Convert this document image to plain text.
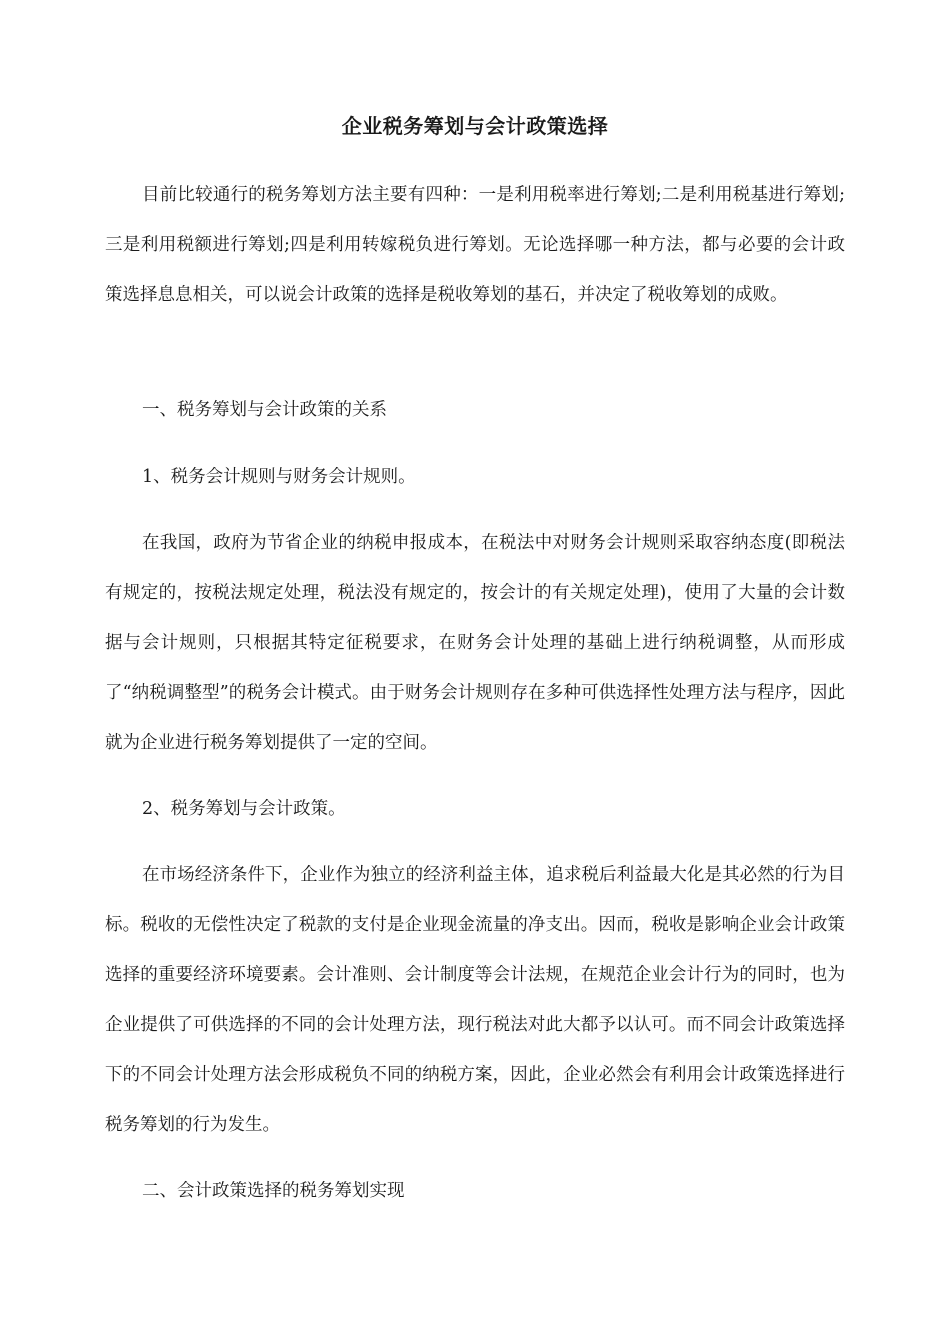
企业税务筹划与会计政策选择

目前比较通行的税务筹划方法主要有四种：一是利用税率进行筹划;二是利用税基进行筹划;三是利用税额进行筹划;四是利用转嫁税负进行筹划。无论选择哪一种方法，都与必要的会计政策选择息息相关，可以说会计政策的选择是税收筹划的基石，并决定了税收筹划的成败。

一、税务筹划与会计政策的关系

1、税务会计规则与财务会计规则。

在我国，政府为节省企业的纳税申报成本，在税法中对财务会计规则采取容纳态度(即税法有规定的，按税法规定处理，税法没有规定的，按会计的有关规定处理)，使用了大量的会计数据与会计规则，只根据其特定征税要求，在财务会计处理的基础上进行纳税调整，从而形成了“纳税调整型”的税务会计模式。由于财务会计规则存在多种可供选择性处理方法与程序，因此就为企业进行税务筹划提供了一定的空间。

2、税务筹划与会计政策。

在市场经济条件下，企业作为独立的经济利益主体，追求税后利益最大化是其必然的行为目标。税收的无偿性决定了税款的支付是企业现金流量的净支出。因而，税收是影响企业会计政策选择的重要经济环境要素。会计准则、会计制度等会计法规，在规范企业会计行为的同时，也为企业提供了可供选择的不同的会计处理方法，现行税法对此大都予以认可。而不同会计政策选择下的不同会计处理方法会形成税负不同的纳税方案，因此，企业必然会有利用会计政策选择进行税务筹划的行为发生。

二、会计政策选择的税务筹划实现
